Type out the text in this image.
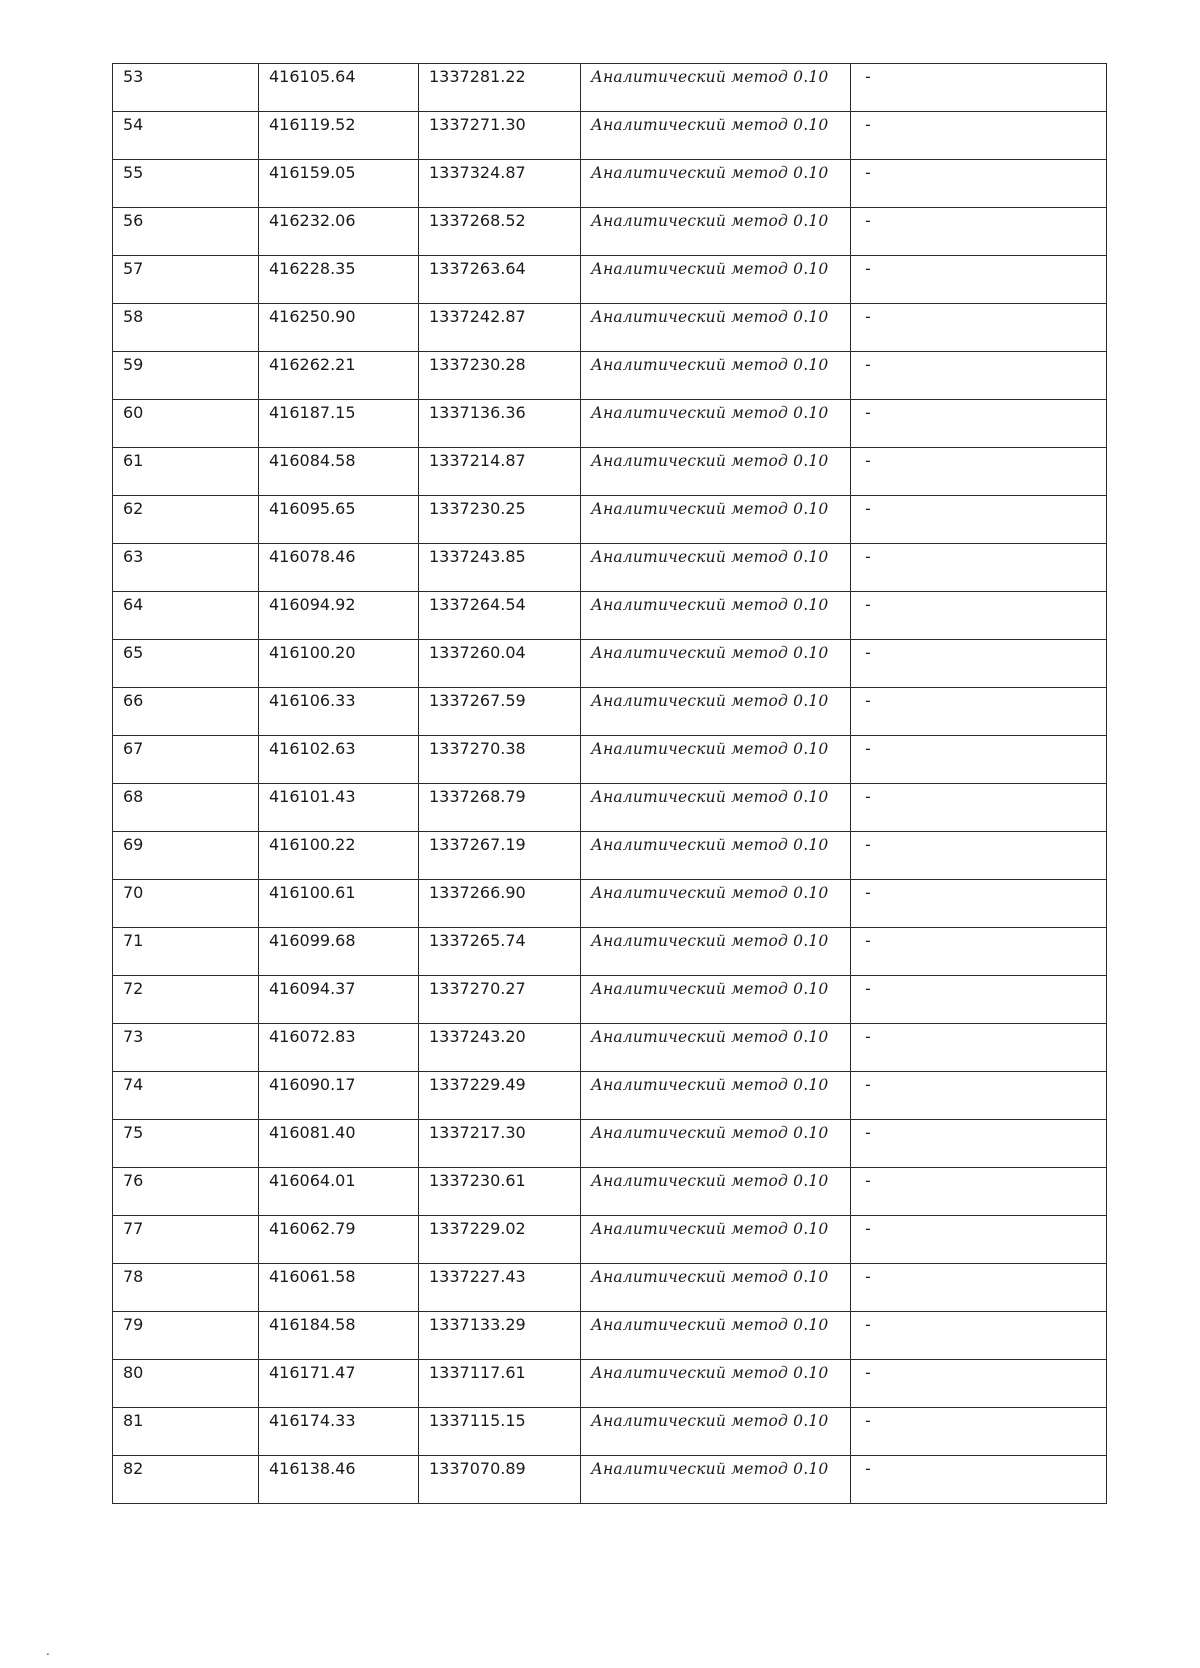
53	416105.64	1337281.22	Аналитический метод 0.10	-

54	416119.52	1337271.30	Аналитический метод 0.10	-

55	416159.05	1337324.87	Аналитический метод 0.10	-

56	416232.06	1337268.52	Аналитический метод 0.10	-

57	416228.35	1337263.64	Аналитический метод 0.10	-

58	416250.90	1337242.87	Аналитический метод 0.10	-

59	416262.21	1337230.28	Аналитический метод 0.10	-

60	416187.15	1337136.36	Аналитический метод 0.10	-

61	416084.58	1337214.87	Аналитический метод 0.10	-

62	416095.65	1337230.25	Аналитический метод 0.10	-

63	416078.46	1337243.85	Аналитический метод 0.10	-

64	416094.92	1337264.54	Аналитический метод 0.10	-

65	416100.20	1337260.04	Аналитический метод 0.10	-

66	416106.33	1337267.59	Аналитический метод 0.10	-

67	416102.63	1337270.38	Аналитический метод 0.10	-

68	416101.43	1337268.79	Аналитический метод 0.10	-

69	416100.22	1337267.19	Аналитический метод 0.10	-

70	416100.61	1337266.90	Аналитический метод 0.10	-

71	416099.68	1337265.74	Аналитический метод 0.10	-

72	416094.37	1337270.27	Аналитический метод 0.10	-

73	416072.83	1337243.20	Аналитический метод 0.10	-

74	416090.17	1337229.49	Аналитический метод 0.10	-

75	416081.40	1337217.30	Аналитический метод 0.10	-

76	416064.01	1337230.61	Аналитический метод 0.10	-

77	416062.79	1337229.02	Аналитический метод 0.10	-

78	416061.58	1337227.43	Аналитический метод 0.10	-

79	416184.58	1337133.29	Аналитический метод 0.10	-

80	416171.47	1337117.61	Аналитический метод 0.10	-

81	416174.33	1337115.15	Аналитический метод 0.10	-

82	416138.46	1337070.89	Аналитический метод 0.10	-
.
